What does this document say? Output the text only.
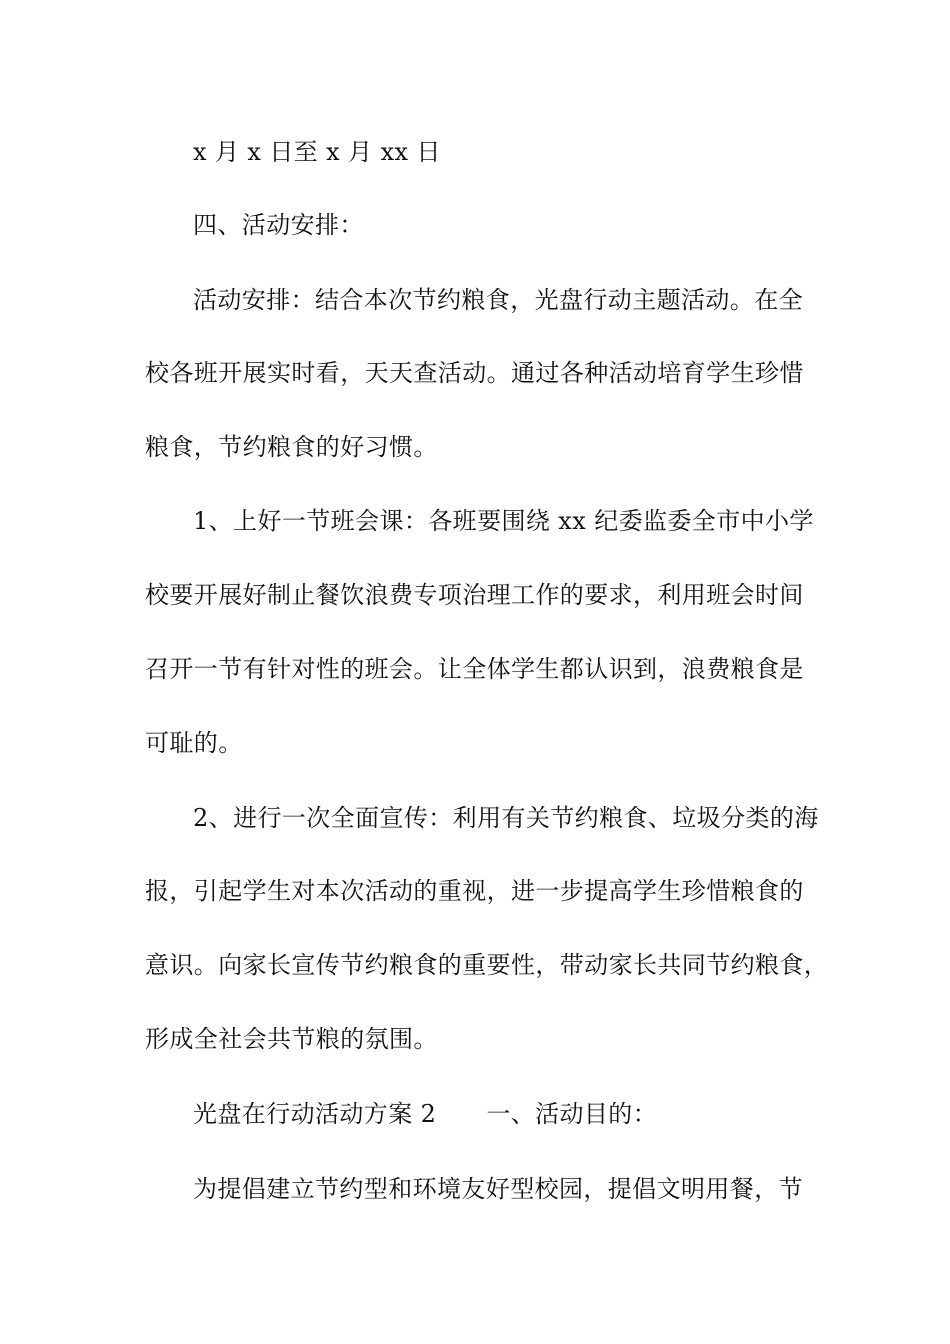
x 月 x 日至 x 月 xx 日
四、活动安排：
活动安排：结合本次节约粮食，光盘行动主题活动。在全
校各班开展实时看，天天查活动。通过各种活动培育学生珍惜
粮食，节约粮食的好习惯。
1、上好一节班会课：各班要围绕 xx 纪委监委全市中小学
校要开展好制止餐饮浪费专项治理工作的要求，利用班会时间
召开一节有针对性的班会。让全体学生都认识到，浪费粮食是
可耻的。
2、进行一次全面宣传：利用有关节约粮食、垃圾分类的海
报，引起学生对本次活动的重视，进一步提高学生珍惜粮食的
意识。向家长宣传节约粮食的重要性，带动家长共同节约粮食，
形成全社会共节粮的氛围。
光盘在行动活动方案 2 一、活动目的：
为提倡建立节约型和环境友好型校园，提倡文明用餐，节
